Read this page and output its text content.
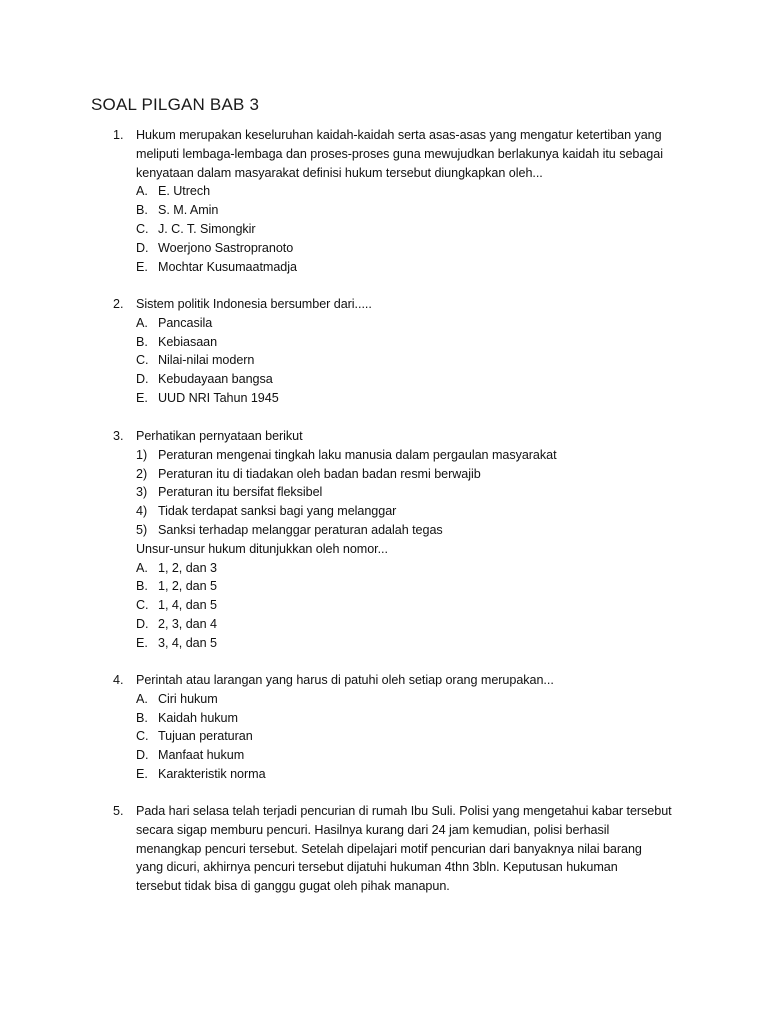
SOAL PILGAN BAB 3
1. Hukum merupakan keseluruhan kaidah-kaidah serta asas-asas yang mengatur ketertiban yang
meliputi lembaga-lembaga dan proses-proses guna mewujudkan berlakunya kaidah itu sebagai
kenyataan dalam masyarakat definisi hukum tersebut diungkapkan oleh...
A. E. Utrech
B. S. M. Amin
C. J. C. T. Simongkir
D. Woerjono Sastropranoto
E. Mochtar Kusumaatmadja
2. Sistem politik Indonesia bersumber dari.....
A. Pancasila
B. Kebiasaan
C. Nilai-nilai modern
D. Kebudayaan bangsa
E. UUD NRI Tahun 1945
3. Perhatikan pernyataan berikut
1) Peraturan mengenai tingkah laku manusia dalam pergaulan masyarakat
2) Peraturan itu di tiadakan oleh badan badan resmi berwajib
3) Peraturan itu bersifat fleksibel
4) Tidak terdapat sanksi bagi yang melanggar
5) Sanksi terhadap melanggar peraturan adalah tegas
Unsur-unsur hukum ditunjukkan oleh nomor...
A. 1, 2, dan 3
B. 1, 2, dan 5
C. 1, 4, dan 5
D. 2, 3, dan 4
E. 3, 4, dan 5
4. Perintah atau larangan yang harus di patuhi oleh setiap orang merupakan...
A. Ciri hukum
B. Kaidah hukum
C. Tujuan peraturan
D. Manfaat hukum
E. Karakteristik norma
5. Pada hari selasa telah terjadi pencurian di rumah Ibu Suli. Polisi yang mengetahui kabar tersebut
secara sigap memburu pencuri. Hasilnya kurang dari 24 jam kemudian, polisi berhasil
menangkap pencuri tersebut. Setelah dipelajari motif pencurian dari banyaknya nilai barang
yang dicuri, akhirnya pencuri tersebut dijatuhi hukuman 4thn 3bln. Keputusan hukuman
tersebut tidak bisa di ganggu gugat oleh pihak manapun.
